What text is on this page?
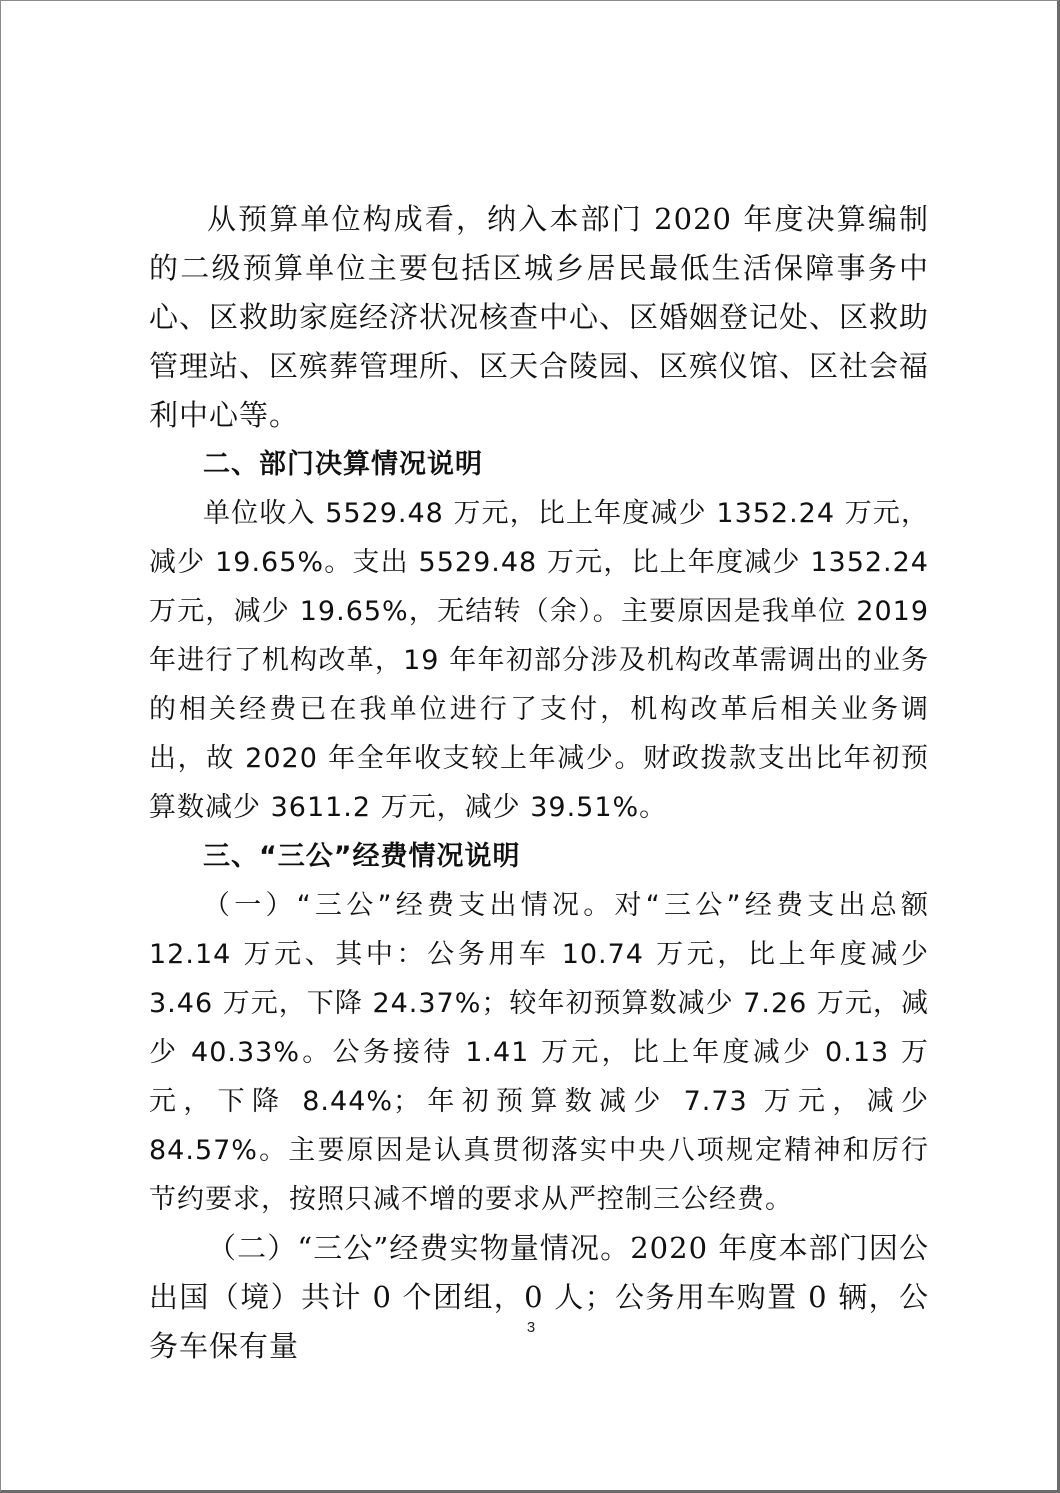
从预算单位构成看，纳入本部门 2020 年度决算编制的二级预算单位主要包括区城乡居民最低生活保障事务中心、区救助家庭经济状况核查中心、区婚姻登记处、区救助管理站、区殡葬管理所、区天合陵园、区殡仪馆、区社会福利中心等。

二、部门决算情况说明

单位收入 5529.48 万元，比上年度减少 1352.24 万元，减少 19.65%。支出 5529.48 万元，比上年度减少 1352.24 万元，减少 19.65%，无结转（余）。主要原因是我单位 2019 年进行了机构改革，19 年年初部分涉及机构改革需调出的业务的相关经费已在我单位进行了支付，机构改革后相关业务调出，故 2020 年全年收支较上年减少。财政拨款支出比年初预算数减少 3611.2 万元，减少 39.51%。

三、“三公”经费情况说明

（一）“三公”经费支出情况。对“三公”经费支出总额 12.14 万元、其中：公务用车 10.74 万元，比上年度减少 3.46 万元，下降 24.37%；较年初预算数减少 7.26 万元，减少 40.33%。公务接待 1.41 万元，比上年度减少 0.13 万元，下降 8.44%；年初预算数减少 7.73 万元，减少 84.57%。主要原因是认真贯彻落实中央八项规定精神和厉行节约要求，按照只减不增的要求从严控制三公经费。

（二）“三公”经费实物量情况。2020 年度本部门因公出国（境）共计 0 个团组，0 人；公务用车购置 0 辆，公务车保有量

3
